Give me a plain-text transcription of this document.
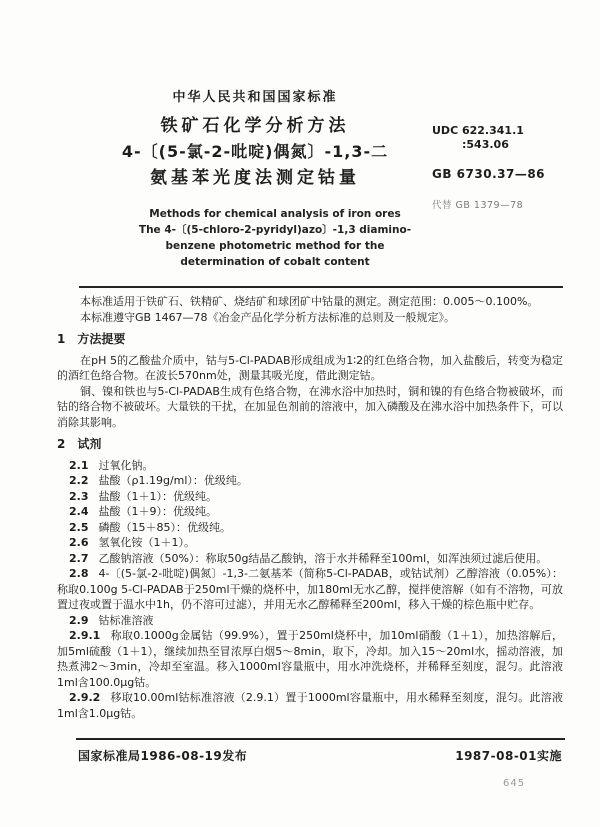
中华人民共和国国家标准
铁矿石化学分析方法
4-〔(5-氯-2-吡啶)偶氮〕-1,3-二
氨基苯光度法测定钴量
UDC 622.341.1
:543.06
GB 6730.37—86
代替 GB 1379—78
Methods for chemical analysis of iron ores
The 4-〔(5-chloro-2-pyridyl)azo〕-1,3 diamino-
benzene photometric method for the
determination of cobalt content

本标准适用于铁矿石、铁精矿、烧结矿和球团矿中钴量的测定。测定范围：0.005～0.100%。

本标准遵守GB 1467—78《冶金产品化学分析方法标准的总则及一般规定》。

1 方法提要

在pH 5的乙酸盐介质中，钴与5-Cl-PADAB形成组成为1∶2的红色络合物，加入盐酸后，转变为稳定的酒红色络合物。在波长570nm处，测量其吸光度，借此测定钴。

铜、镍和铁也与5-Cl-PADAB生成有色络合物，在沸水浴中加热时，铜和镍的有色络合物被破坏，而钴的络合物不被破坏。大量铁的干扰，在加显色剂前的溶液中，加入磷酸及在沸水浴中加热条件下，可以消除其影响。

2 试剂

2.1 过氧化钠。

2.2 盐酸（ρ1.19g/ml）：优级纯。

2.3 盐酸（1＋1）：优级纯。

2.4 盐酸（1＋9）：优级纯。

2.5 磷酸（15＋85）：优级纯。

2.6 氢氧化铵（1＋1）。

2.7 乙酸钠溶液（50%）：称取50g结晶乙酸钠，溶于水并稀释至100ml，如浑浊须过滤后使用。

2.8 4-〔(5-氯-2-吡啶)偶氮〕-1,3-二氨基苯（简称5-Cl-PADAB，或钴试剂）乙醇溶液（0.05%）：称取0.100g 5-Cl-PADAB于250ml干燥的烧杯中，加180ml无水乙醇，搅拌使溶解（如有不溶物，可放置过夜或置于温水中1h，仍不溶可过滤），并用无水乙醇稀释至200ml，移入干燥的棕色瓶中贮存。

2.9 钴标准溶液

2.9.1 称取0.1000g金属钴（99.9%），置于250ml烧杯中，加10ml硝酸（1＋1），加热溶解后，加5ml硫酸（1＋1），继续加热至冒浓厚白烟5～8min，取下，冷却。加入15～20ml水，摇动溶液，加热煮沸2～3min，冷却至室温。移入1000ml容量瓶中，用水冲洗烧杯，并稀释至刻度，混匀。此溶液1ml含100.0μg钴。

2.9.2 移取10.00ml钴标准溶液（2.9.1）置于1000ml容量瓶中，用水稀释至刻度，混匀。此溶液1ml含1.0μg钴。

国家标准局1986-08-19发布	1987-08-01实施
645
